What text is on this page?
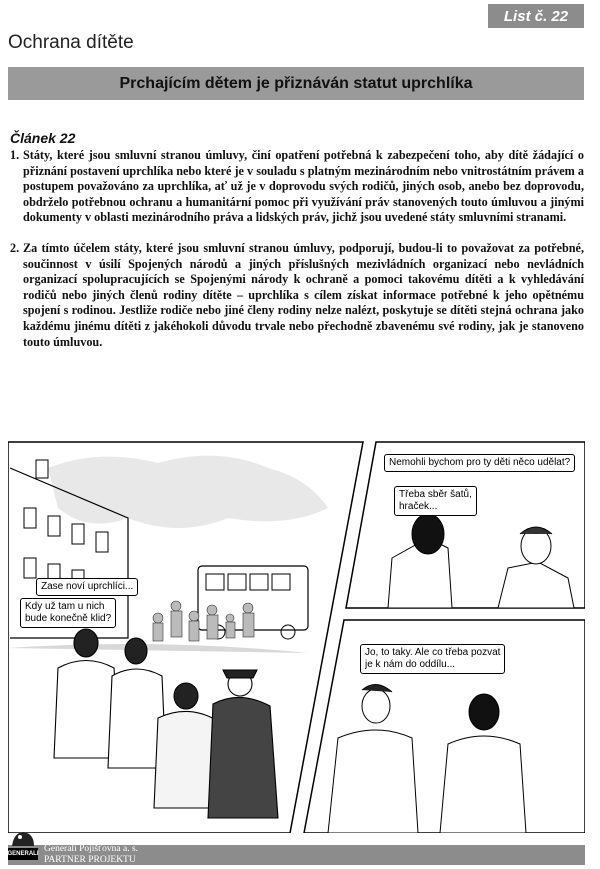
List č. 22
Ochrana dítěte
Prchajícím dětem je přiznáván statut uprchlíka
Článek 22

1. Státy, které jsou smluvní stranou úmluvy, činí opatření potřebná k zabezpečení toho, aby dítě žádající o přiznání postavení uprchlíka nebo které je v souladu s platným mezinárodním nebo vnitrostátním právem a postupem považováno za uprchlíka, ať už je v doprovodu svých rodičů, jiných osob, anebo bez doprovodu, obdrželo potřebnou ochranu a humanitární pomoc při využívání práv stanovených touto úmluvou a jinými dokumenty v oblasti mezinárodního práva a lidských práv, jichž jsou uvedené státy smluvními stranami.

2. Za tímto účelem státy, které jsou smluvní stranou úmluvy, podporují, budou-li to považovat za potřebné, součinnost v úsilí Spojených národů a jiných příslušných mezivládních organizací nebo nevládních organizací spolupracujících se Spojenými národy k ochraně a pomoci takovému dítěti a k vyhledávání rodičů nebo jiných členů rodiny dítěte – uprchlíka s cílem získat informace potřebné k jeho opětnému spojení s rodinou. Jestliže rodiče nebo jiné členy rodiny nelze nalézt, poskytuje se dítěti stejná ochrana jako každému jinému dítěti z jakéhokoli důvodu trvale nebo přechodně zbavenému své rodiny, jak je stanoveno touto úmluvou.

Zase noví uprchlíci...
Kdy už tam u nich
bude konečně klid?
Nemohli bychom pro ty děti něco udělat?
Třeba sběr šatů,
hraček...
Jo, to taky. Ale co třeba pozvat
je k nám do oddílu...
GENERALI Generali Pojišťovna a. s.
PARTNER PROJEKTU
